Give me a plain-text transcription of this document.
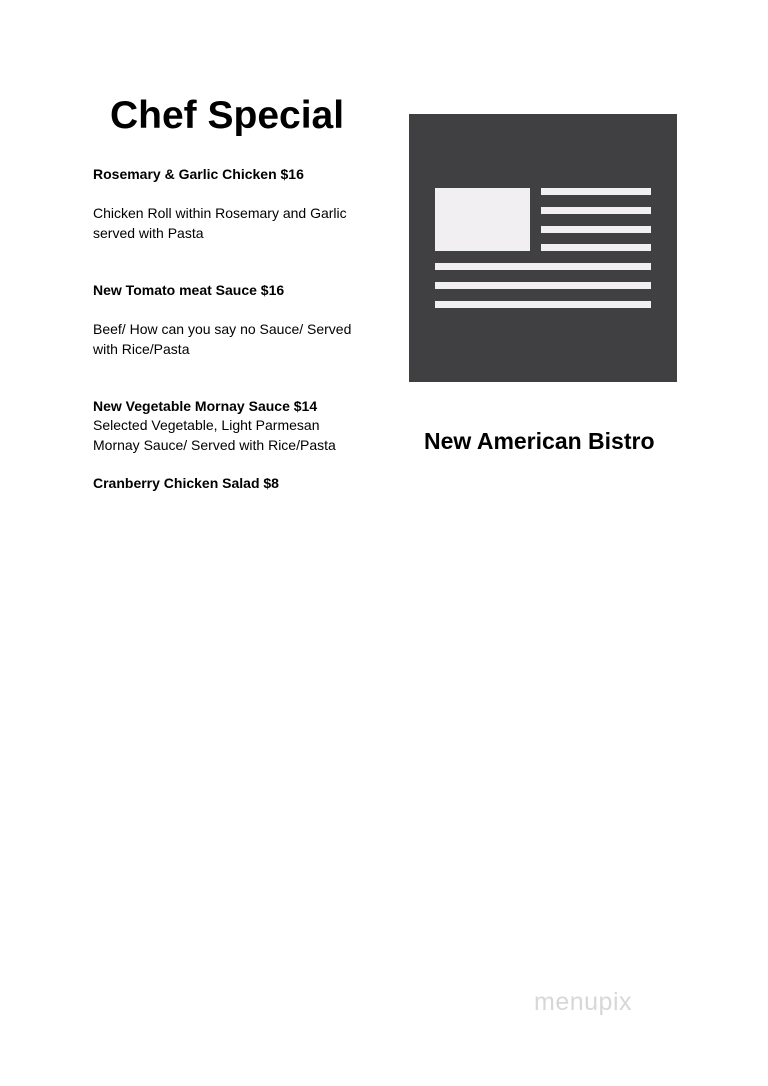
Chef Special

Rosemary & Garlic Chicken $16

Chicken Roll within Rosemary and Garlic

served with Pasta

New Tomato meat Sauce $16

Beef/ How can you say no Sauce/ Served

with Rice/Pasta

New Vegetable Mornay Sauce $14

Selected Vegetable, Light Parmesan

Mornay Sauce/ Served with Rice/Pasta

Cranberry Chicken Salad $8

New American Bistro
menupix
